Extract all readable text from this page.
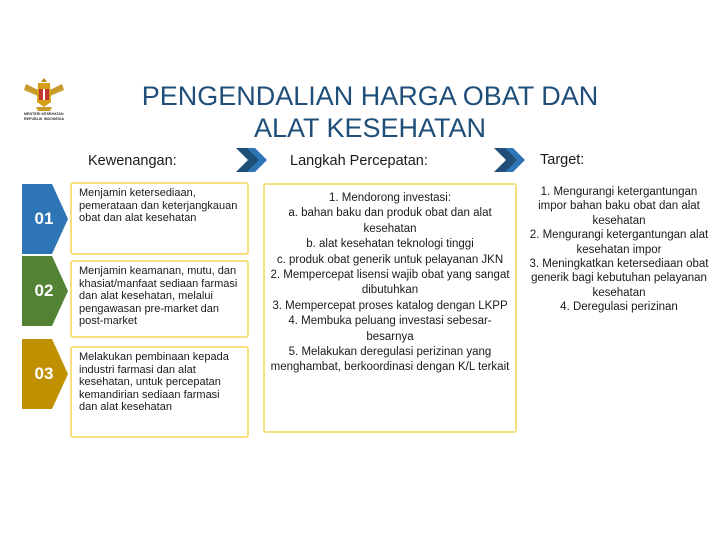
MENTERI KESEHATAN REPUBLIK INDONESIA
PENGENDALIAN HARGA OBAT DAN
ALAT KESEHATAN

Kewenangan:	Langkah Percepatan:	Target:

01
02
03
Menjamin ketersediaan, pemerataan dan keterjangkauan obat dan alat kesehatan
Menjamin keamanan, mutu, dan khasiat/manfaat sediaan farmasi dan alat kesehatan, melalui pengawasan pre-market dan post-market
Melakukan pembinaan kepada industri farmasi dan alat kesehatan, untuk percepatan kemandirian sediaan farmasi dan alat kesehatan
1. Mendorong investasi:

a. bahan baku dan produk obat dan alat kesehatan

b. alat kesehatan teknologi tinggi

c. produk obat generik untuk pelayanan JKN

2. Mempercepat lisensi wajib obat yang sangat dibutuhkan
3. Mempercepat proses katalog dengan LKPP
4. Membuka peluang investasi sebesar-besarnya
5. Melakukan deregulasi perizinan yang menghambat, berkoordinasi dengan K/L terkait
1. Mengurangi ketergantungan impor bahan baku obat dan alat kesehatan
2. Mengurangi ketergantungan alat kesehatan impor
3. Meningkatkan ketersediaan obat generik bagi kebutuhan pelayanan kesehatan
4. Deregulasi perizinan
